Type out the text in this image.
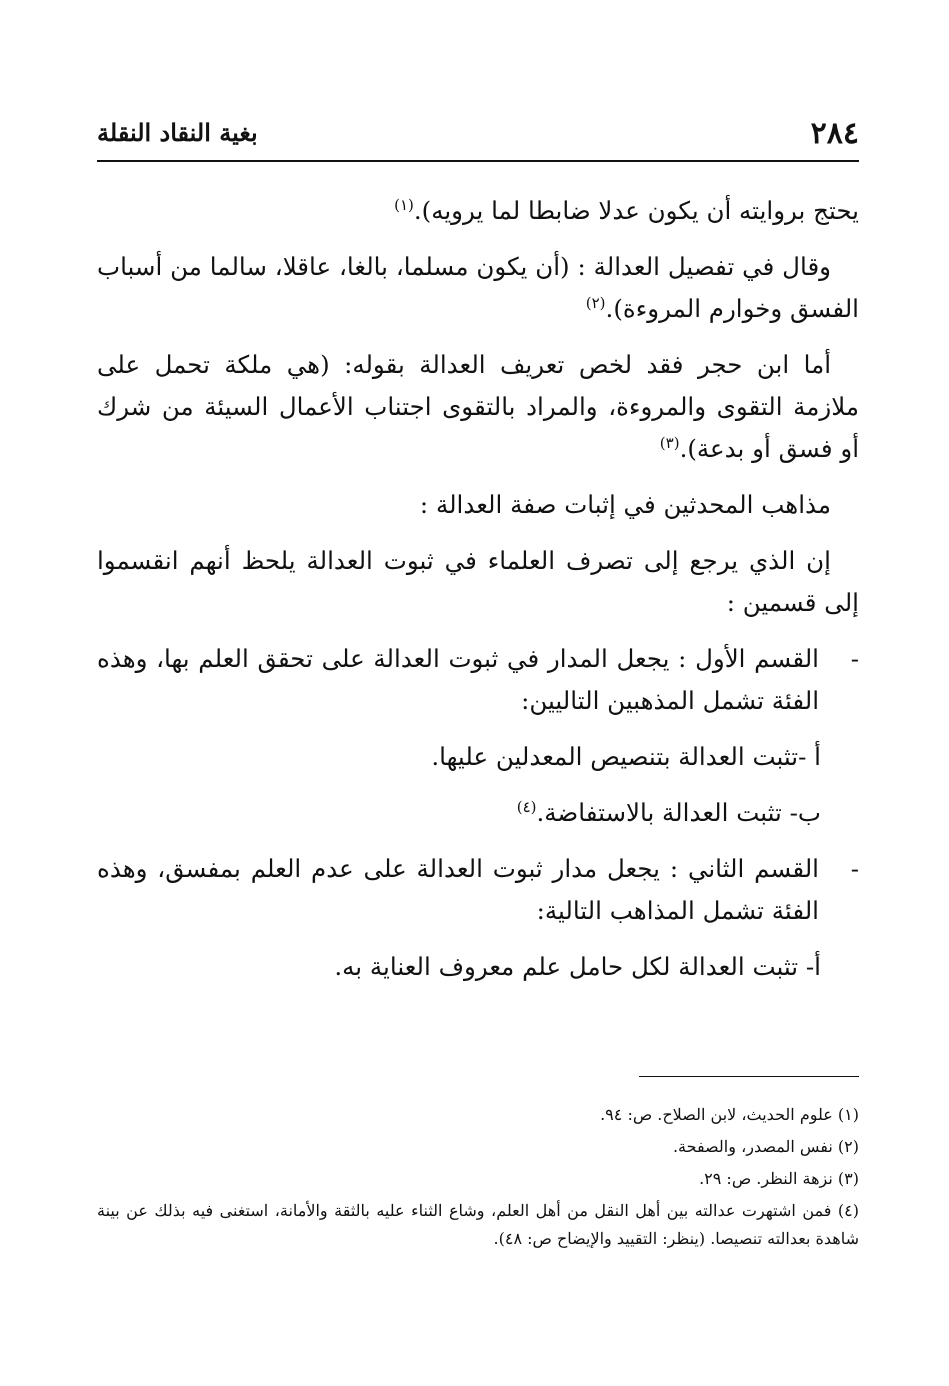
٢٨٤
بغية النقاد النقلة

يحتج بروايته أن يكون عدلا ضابطا لما يرويه).$^{(١)}$

وقال في تفصيل العدالة : (أن يكون مسلما، بالغا، عاقلا، سالما من أسباب الفسق وخوارم المروءة).$^{(٢)}$

أما ابن حجر فقد لخص تعريف العدالة بقوله: (هي ملكة تحمل على ملازمة التقوى والمروءة، والمراد بالتقوى اجتناب الأعمال السيئة من شرك أو فسق أو بدعة).$^{(٣)}$

مذاهب المحدثين في إثبات صفة العدالة :

إن الذي يرجع إلى تصرف العلماء في ثبوت العدالة يلحظ أنهم انقسموا إلى قسمين :

-
القسم الأول : يجعل المدار في ثبوت العدالة على تحقق العلم بها، وهذه الفئة تشمل المذهبين التاليين:

أ -تثبت العدالة بتنصيص المعدلين عليها.

ب- تثبت العدالة بالاستفاضة.$^{(٤)}$

-
القسم الثاني : يجعل مدار ثبوت العدالة على عدم العلم بمفسق، وهذه الفئة تشمل المذاهب التالية:

أ- تثبت العدالة لكل حامل علم معروف العناية به.

(١) علوم الحديث، لابن الصلاح. ص: ٩٤.

(٢) نفس المصدر، والصفحة.

(٣) نزهة النظر. ص: ٢٩.

(٤) فمن اشتهرت عدالته بين أهل النقل من أهل العلم، وشاع الثناء عليه بالثقة والأمانة، استغنى فيه بذلك عن بينة شاهدة بعدالته تنصيصا. (ينظر: التقييد والإيضاح ص: ٤٨).
